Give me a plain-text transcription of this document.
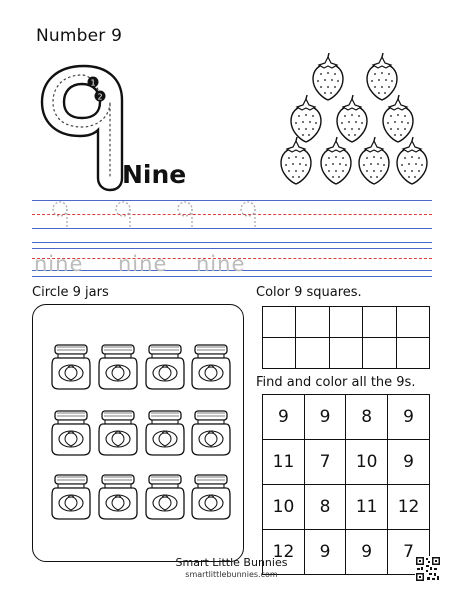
Number 9
1
2
Nine
nine nine nine
Circle 9 jars	Color 9 squares.

Find and color all the 9s.
9	9	8	9
11	7	10	9
10	8	11	12
12	9	9	7
Smart Little Bunnies
smartlittlebunnies.com
